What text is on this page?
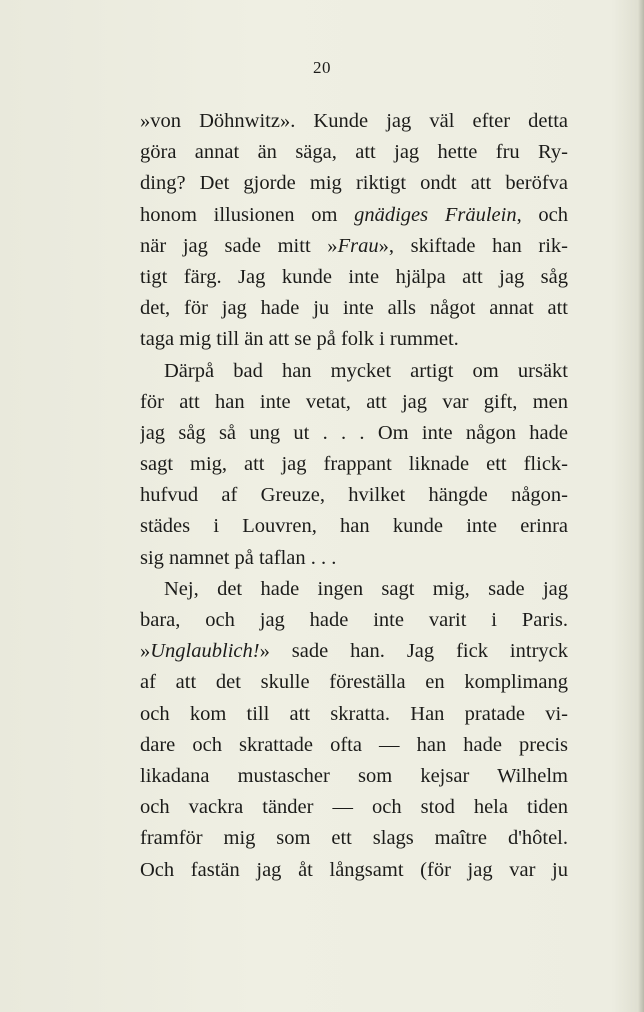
20
»von Döhnwitz». Kunde jag väl efter detta
göra annat än säga, att jag hette fru Ry-
ding? Det gjorde mig riktigt ondt att beröfva
honom illusionen om gnädiges Fräulein, och
när jag sade mitt »Frau», skiftade han rik-
tigt färg. Jag kunde inte hjälpa att jag såg
det, för jag hade ju inte alls något annat att
taga mig till än att se på folk i rummet.
Därpå bad han mycket artigt om ursäkt
för att han inte vetat, att jag var gift, men
jag såg så ung ut . . . Om inte någon hade
sagt mig, att jag frappant liknade ett flick-
hufvud af Greuze, hvilket hängde någon-
städes i Louvren, han kunde inte erinra
sig namnet på taflan . . .
Nej, det hade ingen sagt mig, sade jag
bara, och jag hade inte varit i Paris.
»Unglaublich!» sade han. Jag fick intryck
af att det skulle föreställa en komplimang
och kom till att skratta. Han pratade vi-
dare och skrattade ofta — han hade precis
likadana mustascher som kejsar Wilhelm
och vackra tänder — och stod hela tiden
framför mig som ett slags maître d'hôtel.
Och fastän jag åt långsamt (för jag var ju
